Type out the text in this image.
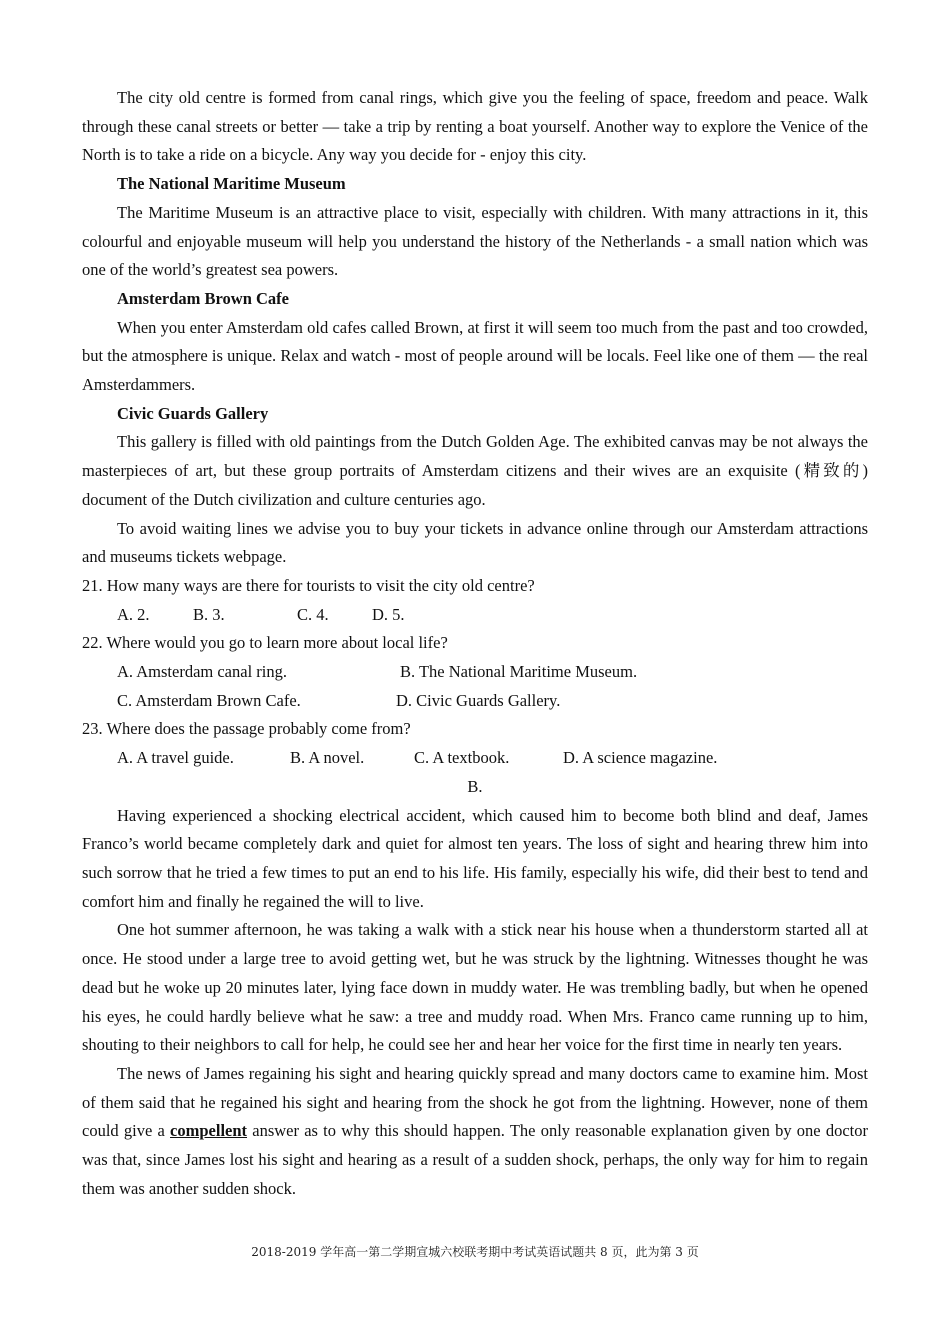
The city old centre is formed from canal rings, which give you the feeling of space, freedom and peace. Walk through these canal streets or better — take a trip by renting a boat yourself. Another way to explore the Venice of the North is to take a ride on a bicycle. Any way you decide for - enjoy this city.

The National Maritime Museum

The Maritime Museum is an attractive place to visit, especially with children. With many attractions in it, this colourful and enjoyable museum will help you understand the history of the Netherlands - a small nation which was one of the world’s greatest sea powers.

Amsterdam Brown Cafe

When you enter Amsterdam old cafes called Brown, at first it will seem too much from the past and too crowded, but the atmosphere is unique. Relax and watch - most of people around will be locals. Feel like one of them — the real Amsterdammers.

Civic Guards Gallery

This gallery is filled with old paintings from the Dutch Golden Age. The exhibited canvas may be not always the masterpieces of art, but these group portraits of Amsterdam citizens and their wives are an exquisite (精致的) document of the Dutch civilization and culture centuries ago.

To avoid waiting lines we advise you to buy your tickets in advance online through our Amsterdam attractions and museums tickets webpage.

21. How many ways are there for tourists to visit the city old centre?

A. 2.	B. 3.	C. 4.	D. 5.

22. Where would you go to learn more about local life?

A. Amsterdam canal ring.	B. The National Maritime Museum.

C. Amsterdam Brown Cafe.	D. Civic Guards Gallery.

23. Where does the passage probably come from?

A. A travel guide.	B. A novel.	C. A textbook.	D. A science magazine.

B.

Having experienced a shocking electrical accident, which caused him to become both blind and deaf, James Franco’s world became completely dark and quiet for almost ten years. The loss of sight and hearing threw him into such sorrow that he tried a few times to put an end to his life. His family, especially his wife, did their best to tend and comfort him and finally he regained the will to live.

One hot summer afternoon, he was taking a walk with a stick near his house when a thunderstorm started all at once. He stood under a large tree to avoid getting wet, but he was struck by the lightning. Witnesses thought he was dead but he woke up 20 minutes later, lying face down in muddy water. He was trembling badly, but when he opened his eyes, he could hardly believe what he saw: a tree and muddy road. When Mrs. Franco came running up to him, shouting to their neighbors to call for help, he could see her and hear her voice for the first time in nearly ten years.

The news of James regaining his sight and hearing quickly spread and many doctors came to examine him. Most of them said that he regained his sight and hearing from the shock he got from the lightning. However, none of them could give a compellent answer as to why this should happen. The only reasonable explanation given by one doctor was that, since James lost his sight and hearing as a result of a sudden shock, perhaps, the only way for him to regain them was another sudden shock.

2018-2019 学年高一第二学期宣城六校联考期中考试英语试题共 8 页，此为第 3 页
